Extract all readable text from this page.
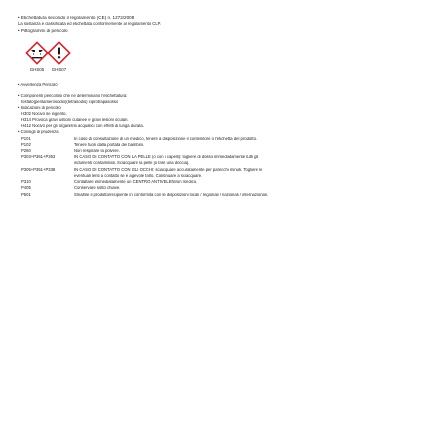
• Etichettatura secondo il regolamento (CE) n. 1272/2008
La sostanza è classificata ed etichettata conformemente al regolamento CLP.
• Pittogrammi di pericolo
GHS05	GHS07
• Avvertenza Pericolo
• Componenti pericolosi che ne determinano l'etichettatura:
fosfato(pentamerosodio)(tetrasodio) ciprotrapasosso
• Indicazioni di pericolo
H302 Nocivo se ingerito.
H314 Provoca gravi ustioni cutanee e gravi lesioni oculari.
H412 Nocivo per gli organismi acquatici con effetti di lunga durata.
• Consigli di prudenza
P101	In caso di consultazione di un medico, tenere a disposizione il contenitore o l'etichetta del prodotto.
P102	Tenere fuori dalla portata dei bambini.
P260	Non respirare la polvere.
P303+P361+P353	IN CASO DI CONTATTO CON LA PELLE (o con i capelli): togliere di dosso immediatamente tutti gli
indumenti contaminati. Sciacquare la pelle [o fare una doccia].
P305+P351+P338	IN CASO DI CONTATTO CON GLI OCCHI: sciacquare accuratamente per parecchi minuti. Togliere le
eventuali lenti a contatto se è agevole farlo. Continuare a sciacquare.
P310	Contattare immediatamente un CENTRO ANTIVELENI/un medico.
P405	Conservare sotto chiave.
P501	Smaltire il prodotto/recipiente in conformità con le disposizioni locali / regionali / nazionali / internazionali.
